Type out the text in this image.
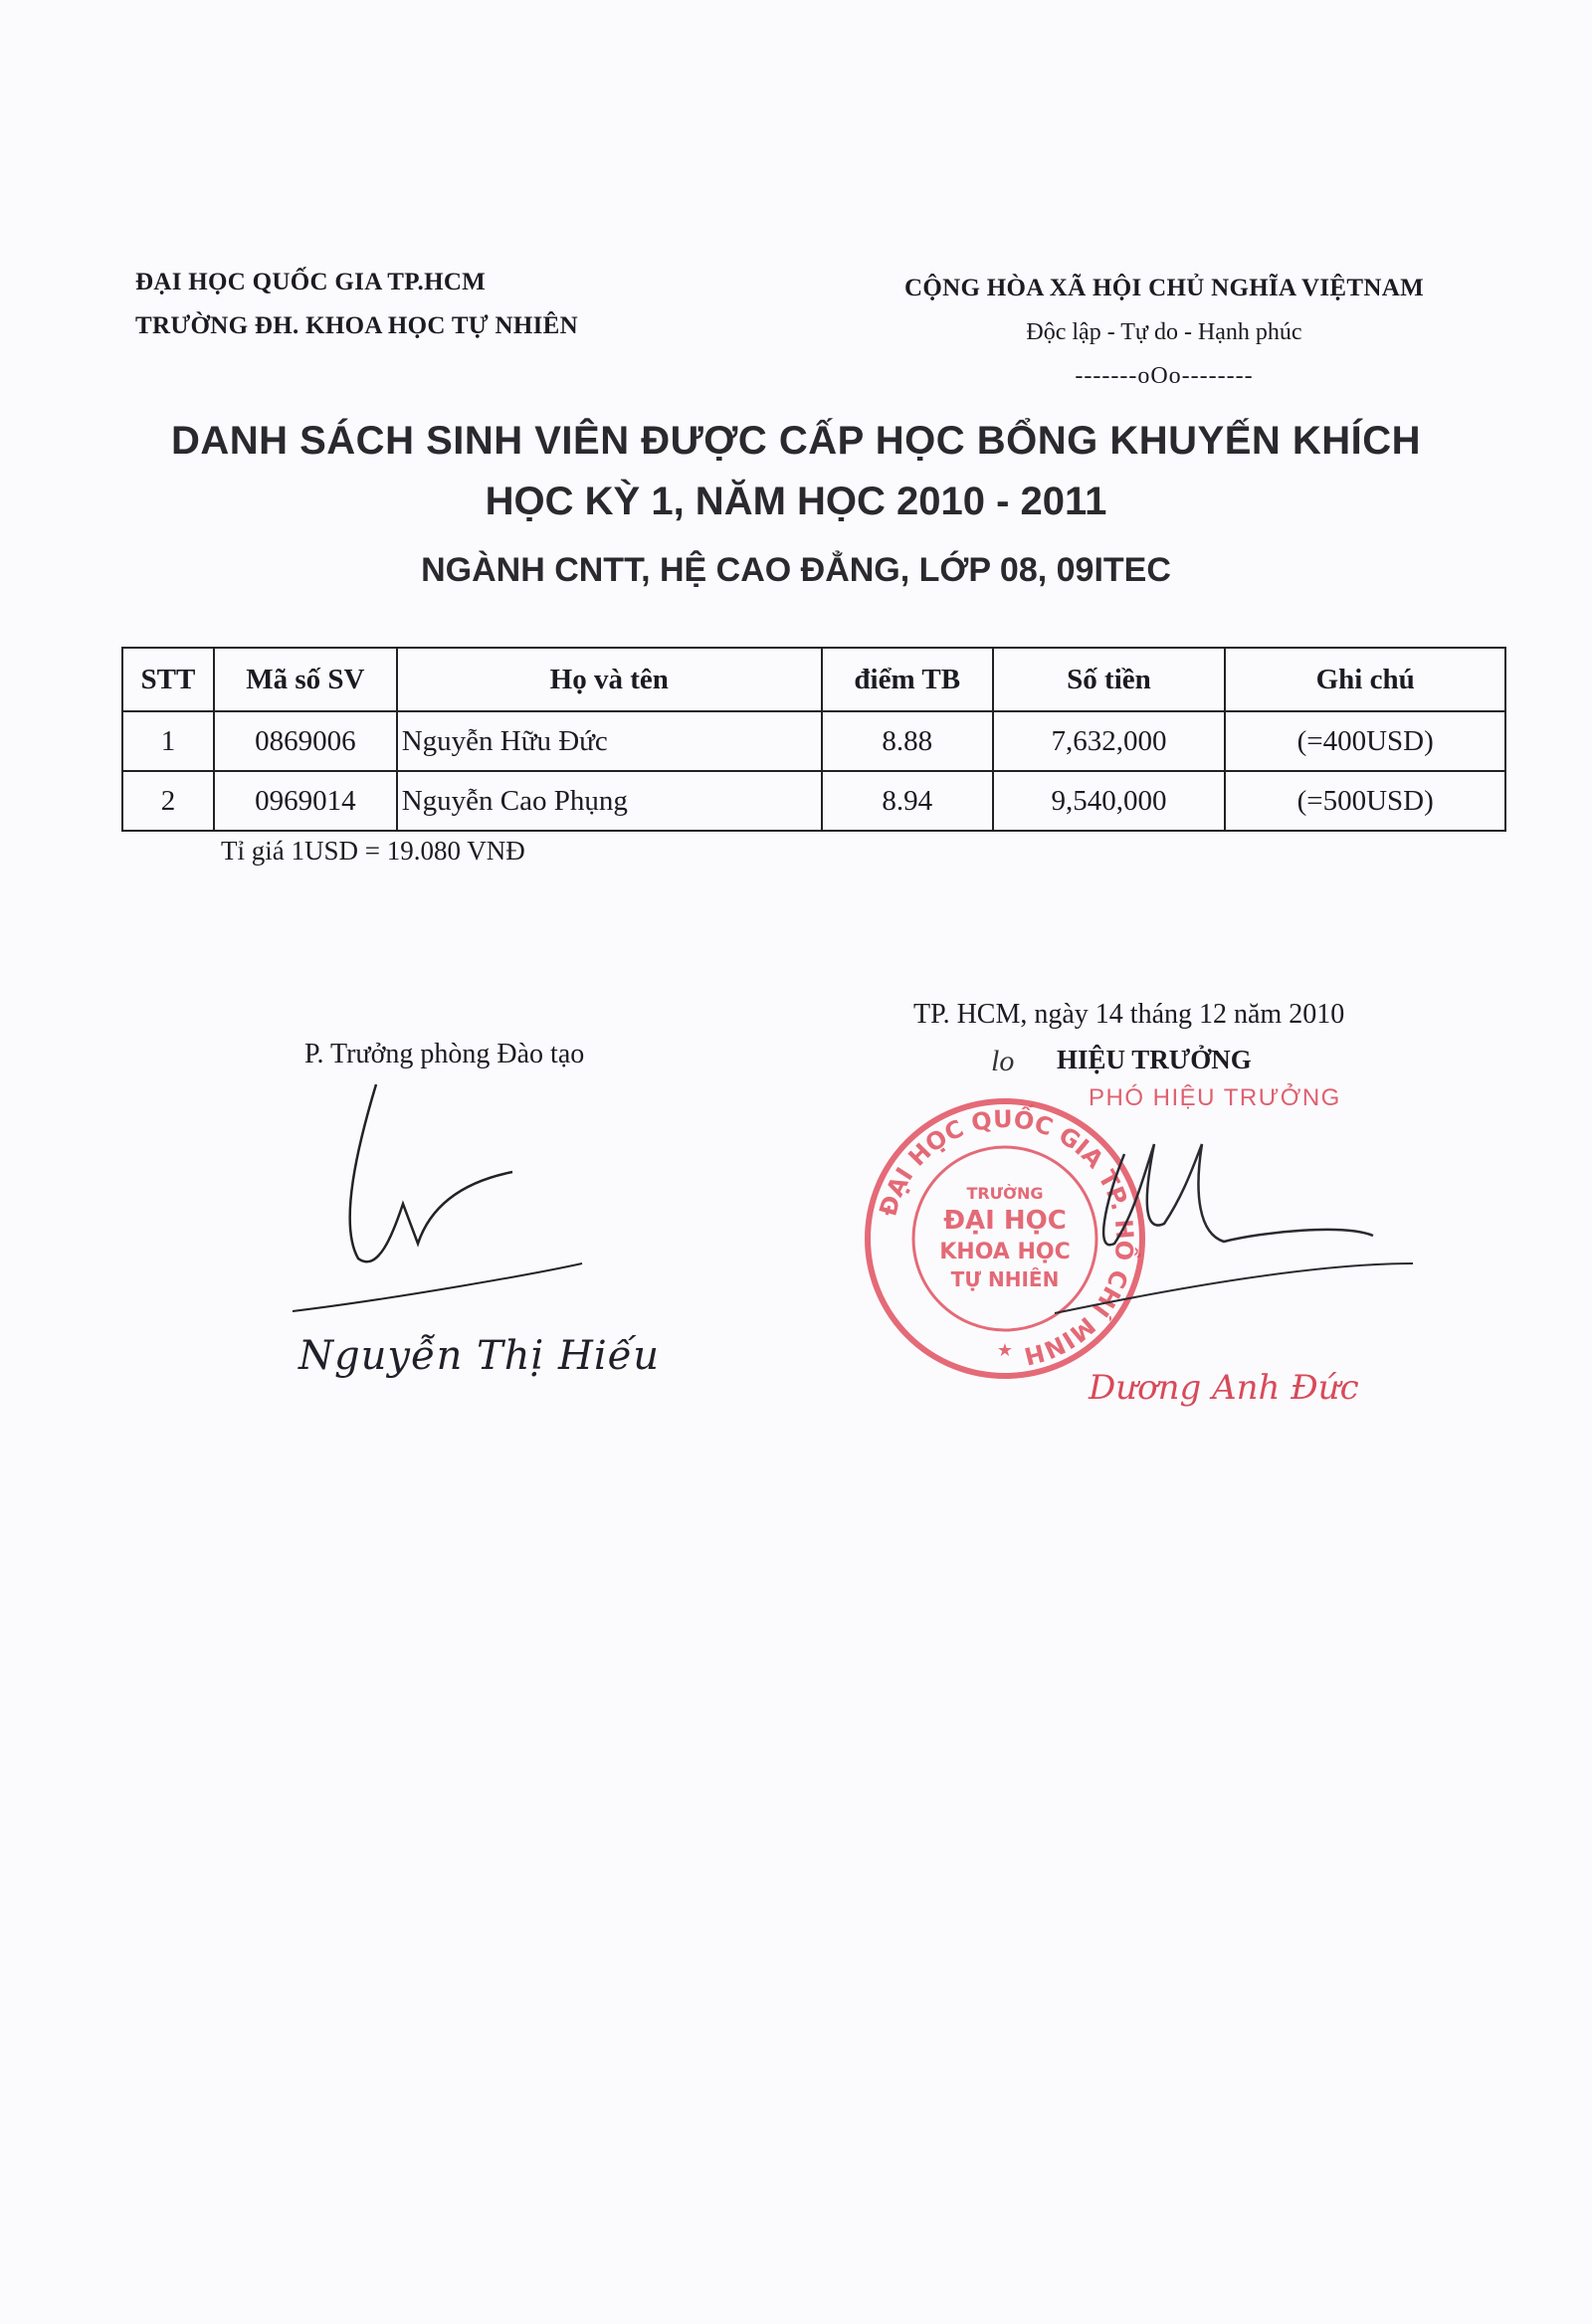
ĐẠI HỌC QUỐC GIA TP.HCM
TRƯỜNG ĐH. KHOA HỌC TỰ NHIÊN
CỘNG HÒA XÃ HỘI CHỦ NGHĨA VIỆTNAM
Độc lập - Tự do - Hạnh phúc
-------oOo--------
DANH SÁCH SINH VIÊN ĐƯỢC CẤP HỌC BỔNG KHUYẾN KHÍCH
HỌC KỲ 1, NĂM HỌC 2010 - 2011
NGÀNH CNTT, HỆ CAO ĐẲNG, LỚP 08, 09ITEC
STT	Mã số SV	Họ và tên	điểm TB	Số tiền	Ghi chú
1	0869006	Nguyễn Hữu Đức	8.88	7,632,000	(=400USD)
2	0969014	Nguyễn Cao Phụng	8.94	9,540,000	(=500USD)
Tỉ giá 1USD = 19.080 VNĐ
TP. HCM, ngày 14 tháng 12 năm 2010
P. Trưởng phòng Đào tạo
Nguyễn Thị Hiếu
lo HIỆU TRƯỞNG
PHÓ HIỆU TRƯỞNG
ĐẠI HỌC QUỐC GIA TP. HỒ CHÍ MINH
TRƯỜNG
ĐẠI HỌC
KHOA HỌC
TỰ NHIÊN
★
Dương Anh Đức
